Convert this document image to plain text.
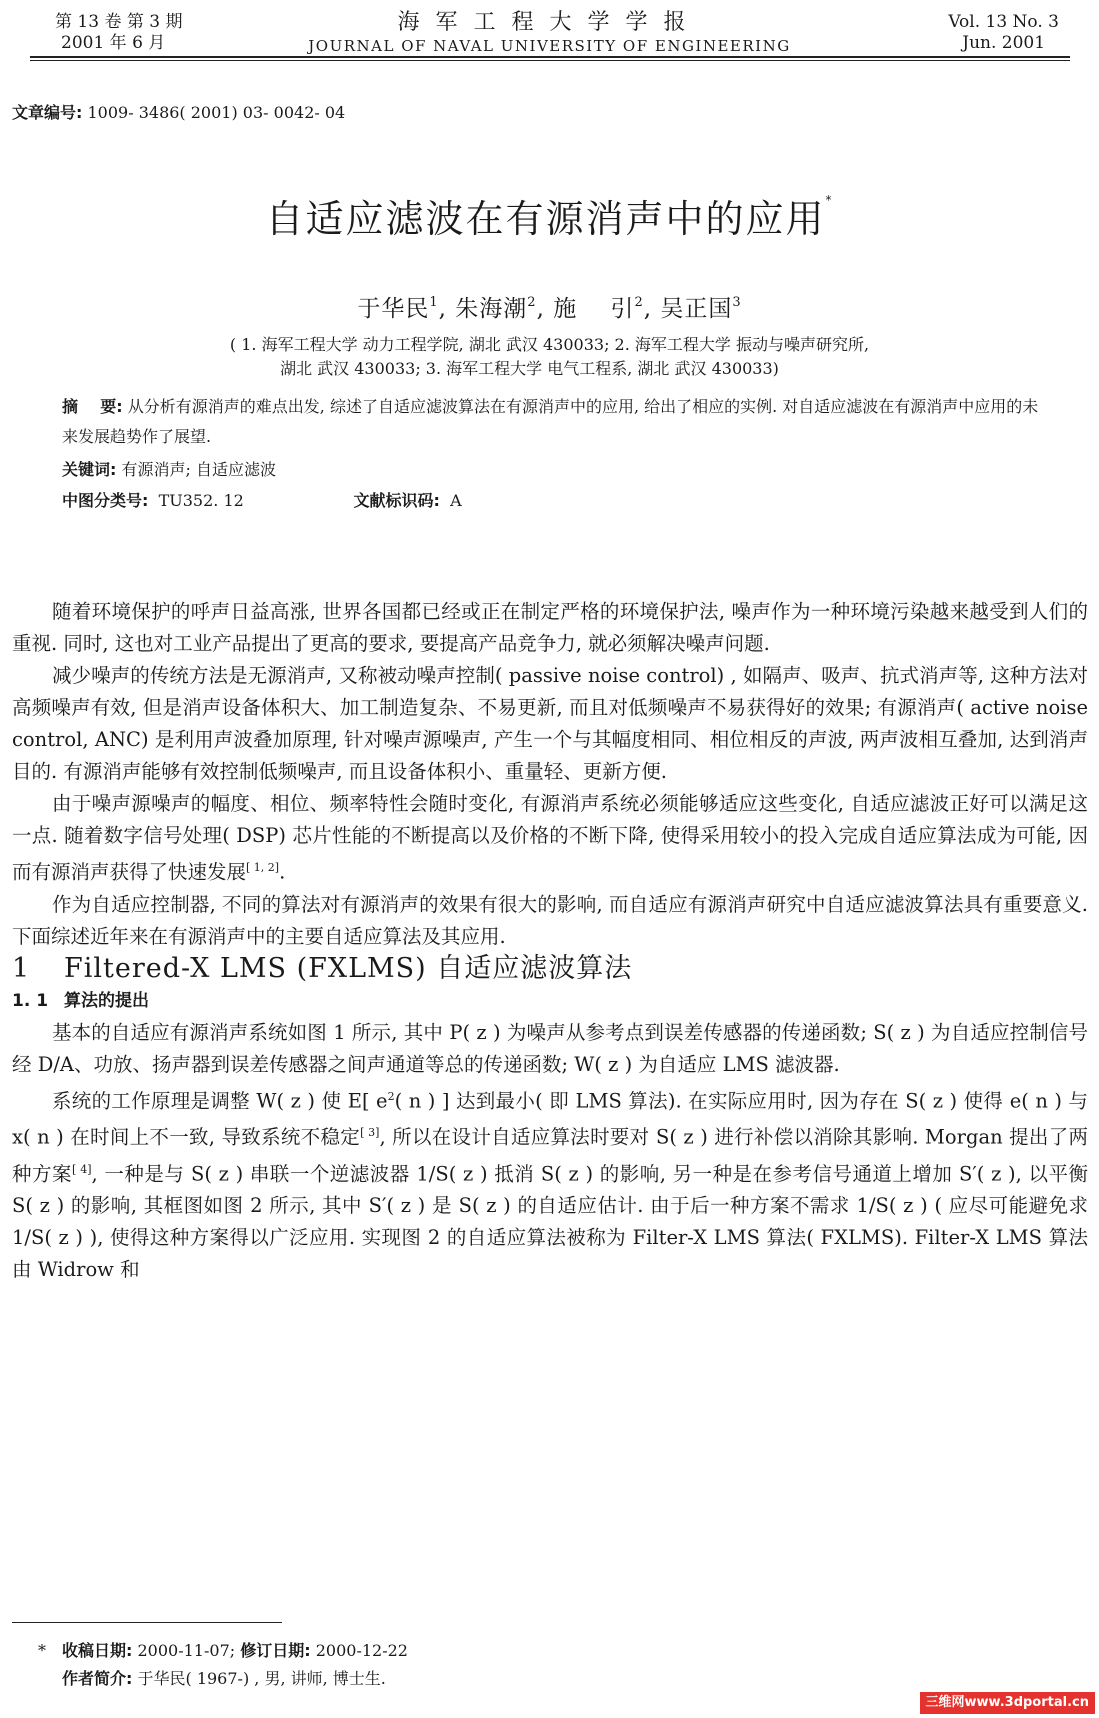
第 13 卷 第 3 期
2001 年 6 月
海军工程大学学报
JOURNAL OF NAVAL UNIVERSITY OF ENGINEERING
Vol. 13 No. 3
Jun. 2001
文章编号: 1009- 3486( 2001) 03- 0042- 04
自适应滤波在有源消声中的应用*
于华民$^1$, 朱海潮$^2$, 施    引$^2$, 吴正国$^3$
( 1. 海军工程大学 动力工程学院, 湖北 武汉 430033; 2. 海军工程大学 振动与噪声研究所,
湖北 武汉 430033; 3. 海军工程大学 电气工程系, 湖北 武汉 430033)
摘    要: 从分析有源消声的难点出发, 综述了自适应滤波算法在有源消声中的应用, 给出了相应的实例. 对自适应滤波在有源消声中应用的未来发展趋势作了展望.
关键词: 有源消声; 自适应滤波
中图分类号:  TU352. 12	文献标识码:  A

随着环境保护的呼声日益高涨, 世界各国都已经或正在制定严格的环境保护法, 噪声作为一种环境污染越来越受到人们的重视. 同时, 这也对工业产品提出了更高的要求, 要提高产品竞争力, 就必须解决噪声问题.

减少噪声的传统方法是无源消声, 又称被动噪声控制( passive noise control) , 如隔声、吸声、抗式消声等, 这种方法对高频噪声有效, 但是消声设备体积大、加工制造复杂、不易更新, 而且对低频噪声不易获得好的效果; 有源消声( active noise control, ANC) 是利用声波叠加原理, 针对噪声源噪声, 产生一个与其幅度相同、相位相反的声波, 两声波相互叠加, 达到消声目的. 有源消声能够有效控制低频噪声, 而且设备体积小、重量轻、更新方便.

由于噪声源噪声的幅度、相位、频率特性会随时变化, 有源消声系统必须能够适应这些变化, 自适应滤波正好可以满足这一点. 随着数字信号处理( DSP) 芯片性能的不断提高以及价格的不断下降, 使得采用较小的投入完成自适应算法成为可能, 因而有源消声获得了快速发展[ 1, 2].

作为自适应控制器, 不同的算法对有源消声的效果有很大的影响, 而自适应有源消声研究中自适应滤波算法具有重要意义. 下面综述近年来在有源消声中的主要自适应算法及其应用.

1 Filtered-X LMS (FXLMS) 自适应滤波算法

1. 1 算法的提出

基本的自适应有源消声系统如图 1 所示, 其中 P( z ) 为噪声从参考点到误差传感器的传递函数; S( z ) 为自适应控制信号经 D/A、功放、扬声器到误差传感器之间声通道等总的传递函数; W( z ) 为自适应 LMS 滤波器.

系统的工作原理是调整 W( z ) 使 E[ $e^2$( n ) ] 达到最小( 即 LMS 算法). 在实际应用时, 因为存在 S( z ) 使得 e( n ) 与 x( n ) 在时间上不一致, 导致系统不稳定[ 3], 所以在设计自适应算法时要对 S( z ) 进行补偿以消除其影响. Morgan 提出了两种方案[ 4], 一种是与 S( z ) 串联一个逆滤波器 1/S( z ) 抵消 S( z ) 的影响, 另一种是在参考信号通道上增加 S′( z ), 以平衡 S( z ) 的影响, 其框图如图 2 所示, 其中 S′( z ) 是 S( z ) 的自适应估计. 由于后一种方案不需求 1/S( z ) ( 应尽可能避免求 1/S( z ) ), 使得这种方案得以广泛应用. 实现图 2 的自适应算法被称为 Filter-X LMS 算法( FXLMS). Filter-X LMS 算法由 Widrow 和

* 收稿日期: 2000-11-07; 修订日期: 2000-12-22
作者简介: 于华民( 1967-) , 男, 讲师, 博士生.
三维网www.3dportal.cn
